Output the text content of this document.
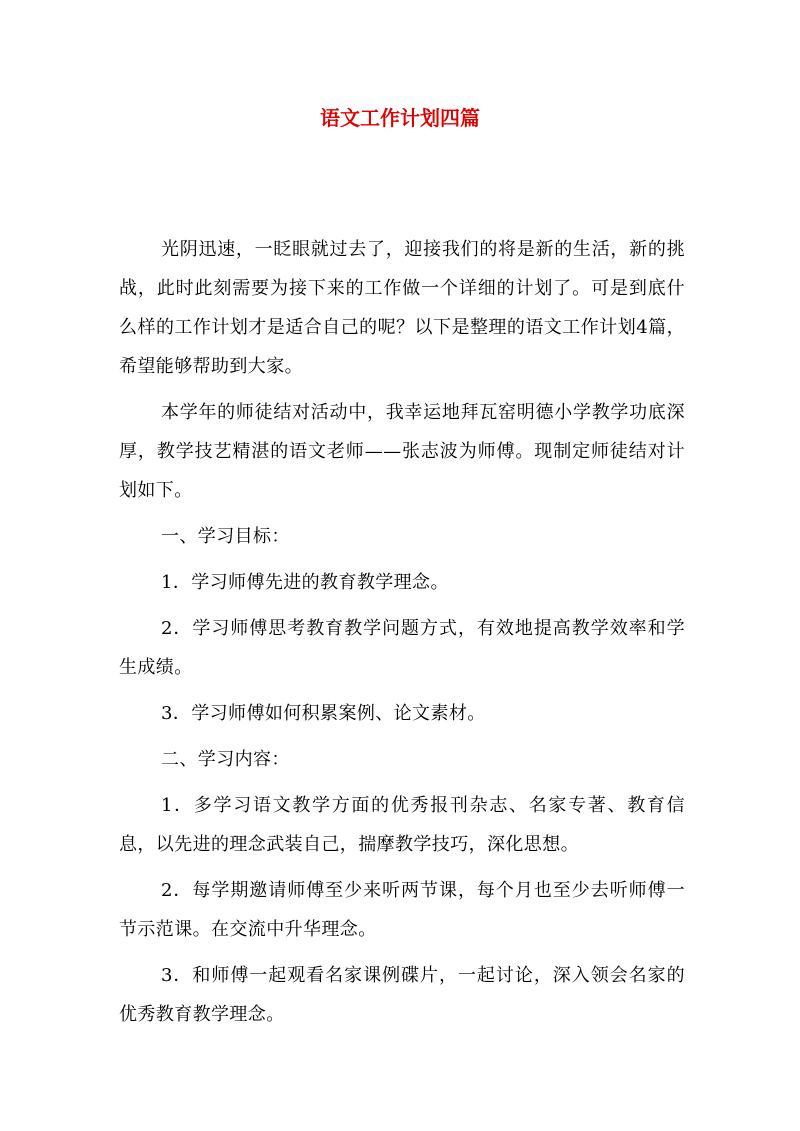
语文工作计划四篇

光阴迅速，一眨眼就过去了，迎接我们的将是新的生活，新的挑战，此时此刻需要为接下来的工作做一个详细的计划了。可是到底什么样的工作计划才是适合自己的呢？以下是整理的语文工作计划4篇，希望能够帮助到大家。

本学年的师徒结对活动中，我幸运地拜瓦窑明德小学教学功底深厚，教学技艺精湛的语文老师——张志波为师傅。现制定师徒结对计划如下。

一、学习目标：

1．学习师傅先进的教育教学理念。

2．学习师傅思考教育教学问题方式，有效地提高教学效率和学生成绩。

3．学习师傅如何积累案例、论文素材。

二、学习内容：

1．多学习语文教学方面的优秀报刊杂志、名家专著、教育信息，以先进的理念武装自己，揣摩教学技巧，深化思想。

2．每学期邀请师傅至少来听两节课，每个月也至少去听师傅一节示范课。在交流中升华理念。

3．和师傅一起观看名家课例碟片，一起讨论，深入领会名家的优秀教育教学理念。
